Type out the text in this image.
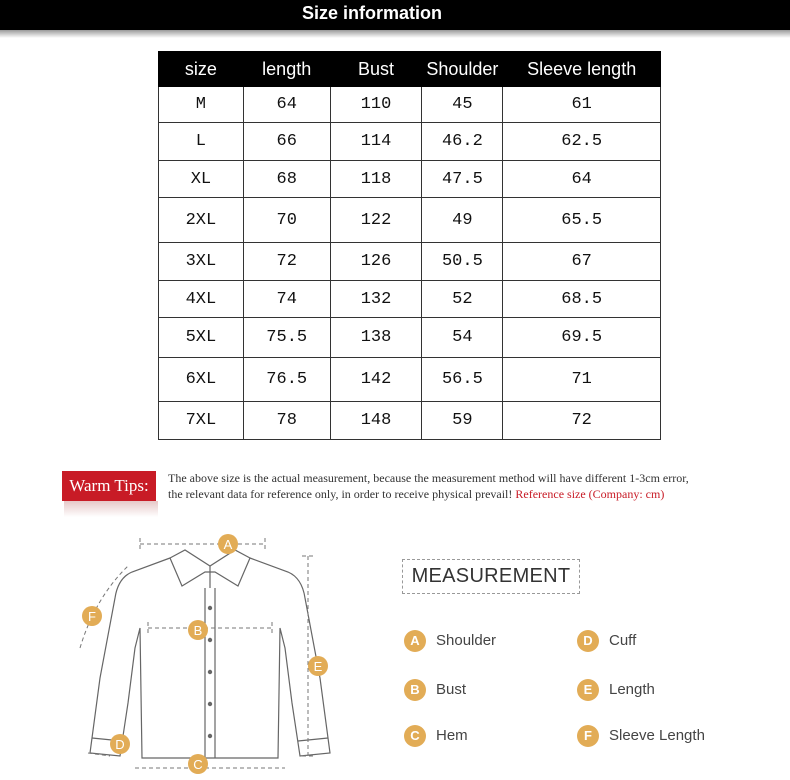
Size information
size	length	Bust	Shoulder	Sleeve length
M	64	110	45	61
L	66	114	46.2	62.5
XL	68	118	47.5	64
2XL	70	122	49	65.5
3XL	72	126	50.5	67
4XL	74	132	52	68.5
5XL	75.5	138	54	69.5
6XL	76.5	142	56.5	71
7XL	78	148	59	72
Warm Tips:	The above size is the actual measurement, because the measurement method will have different 1-3cm error,
the relevant data for reference only, in order to receive physical prevail! Reference size (Company: cm)
A
B
C
D
E
F
MEASUREMENT
A	Shoulder
B	Bust
C	Hem
D	Cuff
E	Length
F	Sleeve Length
